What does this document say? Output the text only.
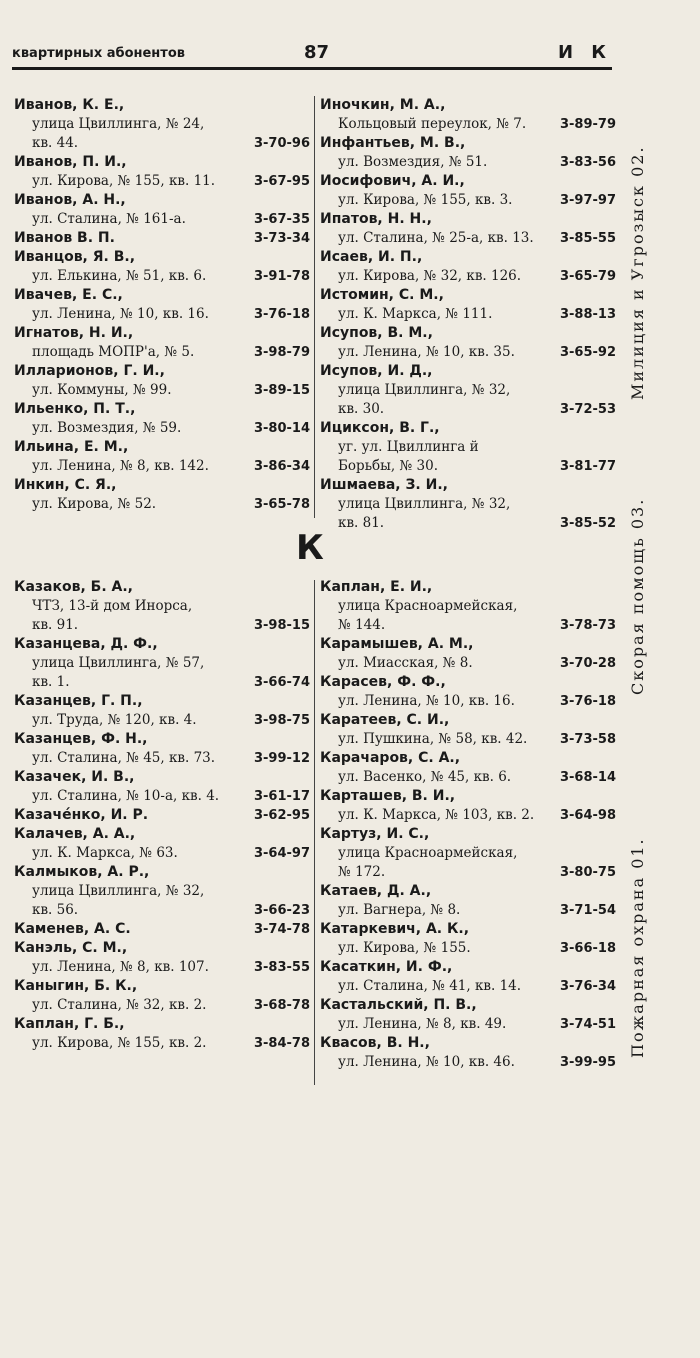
квартирных абонентов	87	И К
Иванов, К. Е.,
улица Цвиллинга, № 24,
кв. 44.	3-70-96
Иванов, П. И.,
ул. Кирова, № 155, кв. 11.	3-67-95
Иванов, А. Н.,
ул. Сталина, № 161-а.	3-67-35
Иванов В. П.	3-73-34
Иванцов, Я. В.,
ул. Елькина, № 51, кв. 6.	3-91-78
Ивачев, Е. С.,
ул. Ленина, № 10, кв. 16.	3-76-18
Игнатов, Н. И.,
площадь МОПР'а, № 5.	3-98-79
Илларионов, Г. И.,
ул. Коммуны, № 99.	3-89-15
Ильенко, П. Т.,
ул. Возмездия, № 59.	3-80-14
Ильина, Е. М.,
ул. Ленина, № 8, кв. 142.	3-86-34
Инкин, С. Я.,
ул. Кирова, № 52.	3-65-78
Иночкин, М. А.,
Кольцовый переулок, № 7.	3-89-79
Инфантьев, М. В.,
ул. Возмездия, № 51.	3-83-56
Иосифович, А. И.,
ул. Кирова, № 155, кв. 3.	3-97-97
Ипатов, Н. Н.,
ул. Сталина, № 25-а, кв. 13. 3-85-55
Исаев, И. П.,
ул. Кирова, № 32, кв. 126.	3-65-79
Истомин, С. М.,
ул. К. Маркса, № 111.	3-88-13
Исупов, В. М.,
ул. Ленина, № 10, кв. 35.	3-65-92
Исупов, И. Д.,
улица Цвиллинга, № 32,
кв. 30.	3-72-53
Ицикcон, В. Г.,
уг. ул. Цвиллинга й
Борьбы, № 30.	3-81-77
Ишмаева, З. И.,
улица Цвиллинга, № 32,
кв. 81.	3-85-52
К
Казаков, Б. А.,
ЧТЗ, 13-й дом Инорса,
кв. 91.	3-98-15
Казанцева, Д. Ф.,
улица Цвиллинга, № 57,
кв. 1.	3-66-74
Казанцев, Г. П.,
ул. Труда, № 120, кв. 4.	3-98-75
Казанцев, Ф. Н.,
ул. Сталина, № 45, кв. 73.	3-99-12
Казачек, И. В.,
ул. Сталина, № 10-а, кв. 4.	3-61-17
Казачéнко, И. Р.	3-62-95
Калачев, А. А.,
ул. К. Маркса, № 63.	3-64-97
Калмыков, А. Р.,
улица Цвиллинга, № 32,
кв. 56.	3-66-23
Каменев, А. С.	3-74-78
Канэль, С. М.,
ул. Ленина, № 8, кв. 107.	3-83-55
Каныгин, Б. К.,
ул. Сталина, № 32, кв. 2.	3-68-78
Каплан, Г. Б.,
ул. Кирова, № 155, кв. 2.	3-84-78
Каплан, Е. И.,
улица Красноармейская,
№ 144.	3-78-73
Карамышев, А. М.,
ул. Миасская, № 8.	3-70-28
Карасев, Ф. Ф.,
ул. Ленина, № 10, кв. 16.	3-76-18
Каратеев, С. И.,
ул. Пушкина, № 58, кв. 42.	3-73-58
Карачаров, С. А.,
ул. Васенко, № 45, кв. 6.	3-68-14
Карташев, В. И.,
ул. К. Маркса, № 103, кв. 2. 3-64-98
Картуз, И. С.,
улица Красноармейская,
№ 172.	3-80-75
Катаев, Д. А.,
ул. Вагнера, № 8.	3-71-54
Катаркевич, А. К.,
ул. Кирова, № 155.	3-66-18
Касаткин, И. Ф.,
ул. Сталина, № 41, кв. 14.	3-76-34
Кастальский, П. В.,
ул. Ленина, № 8, кв. 49.	3-74-51
Квасов, В. Н.,
ул. Ленина, № 10, кв. 46.	3-99-95
Милиция и Угрозыск 02.
Скорая помощь 03.
Пожарная охрана 01.
